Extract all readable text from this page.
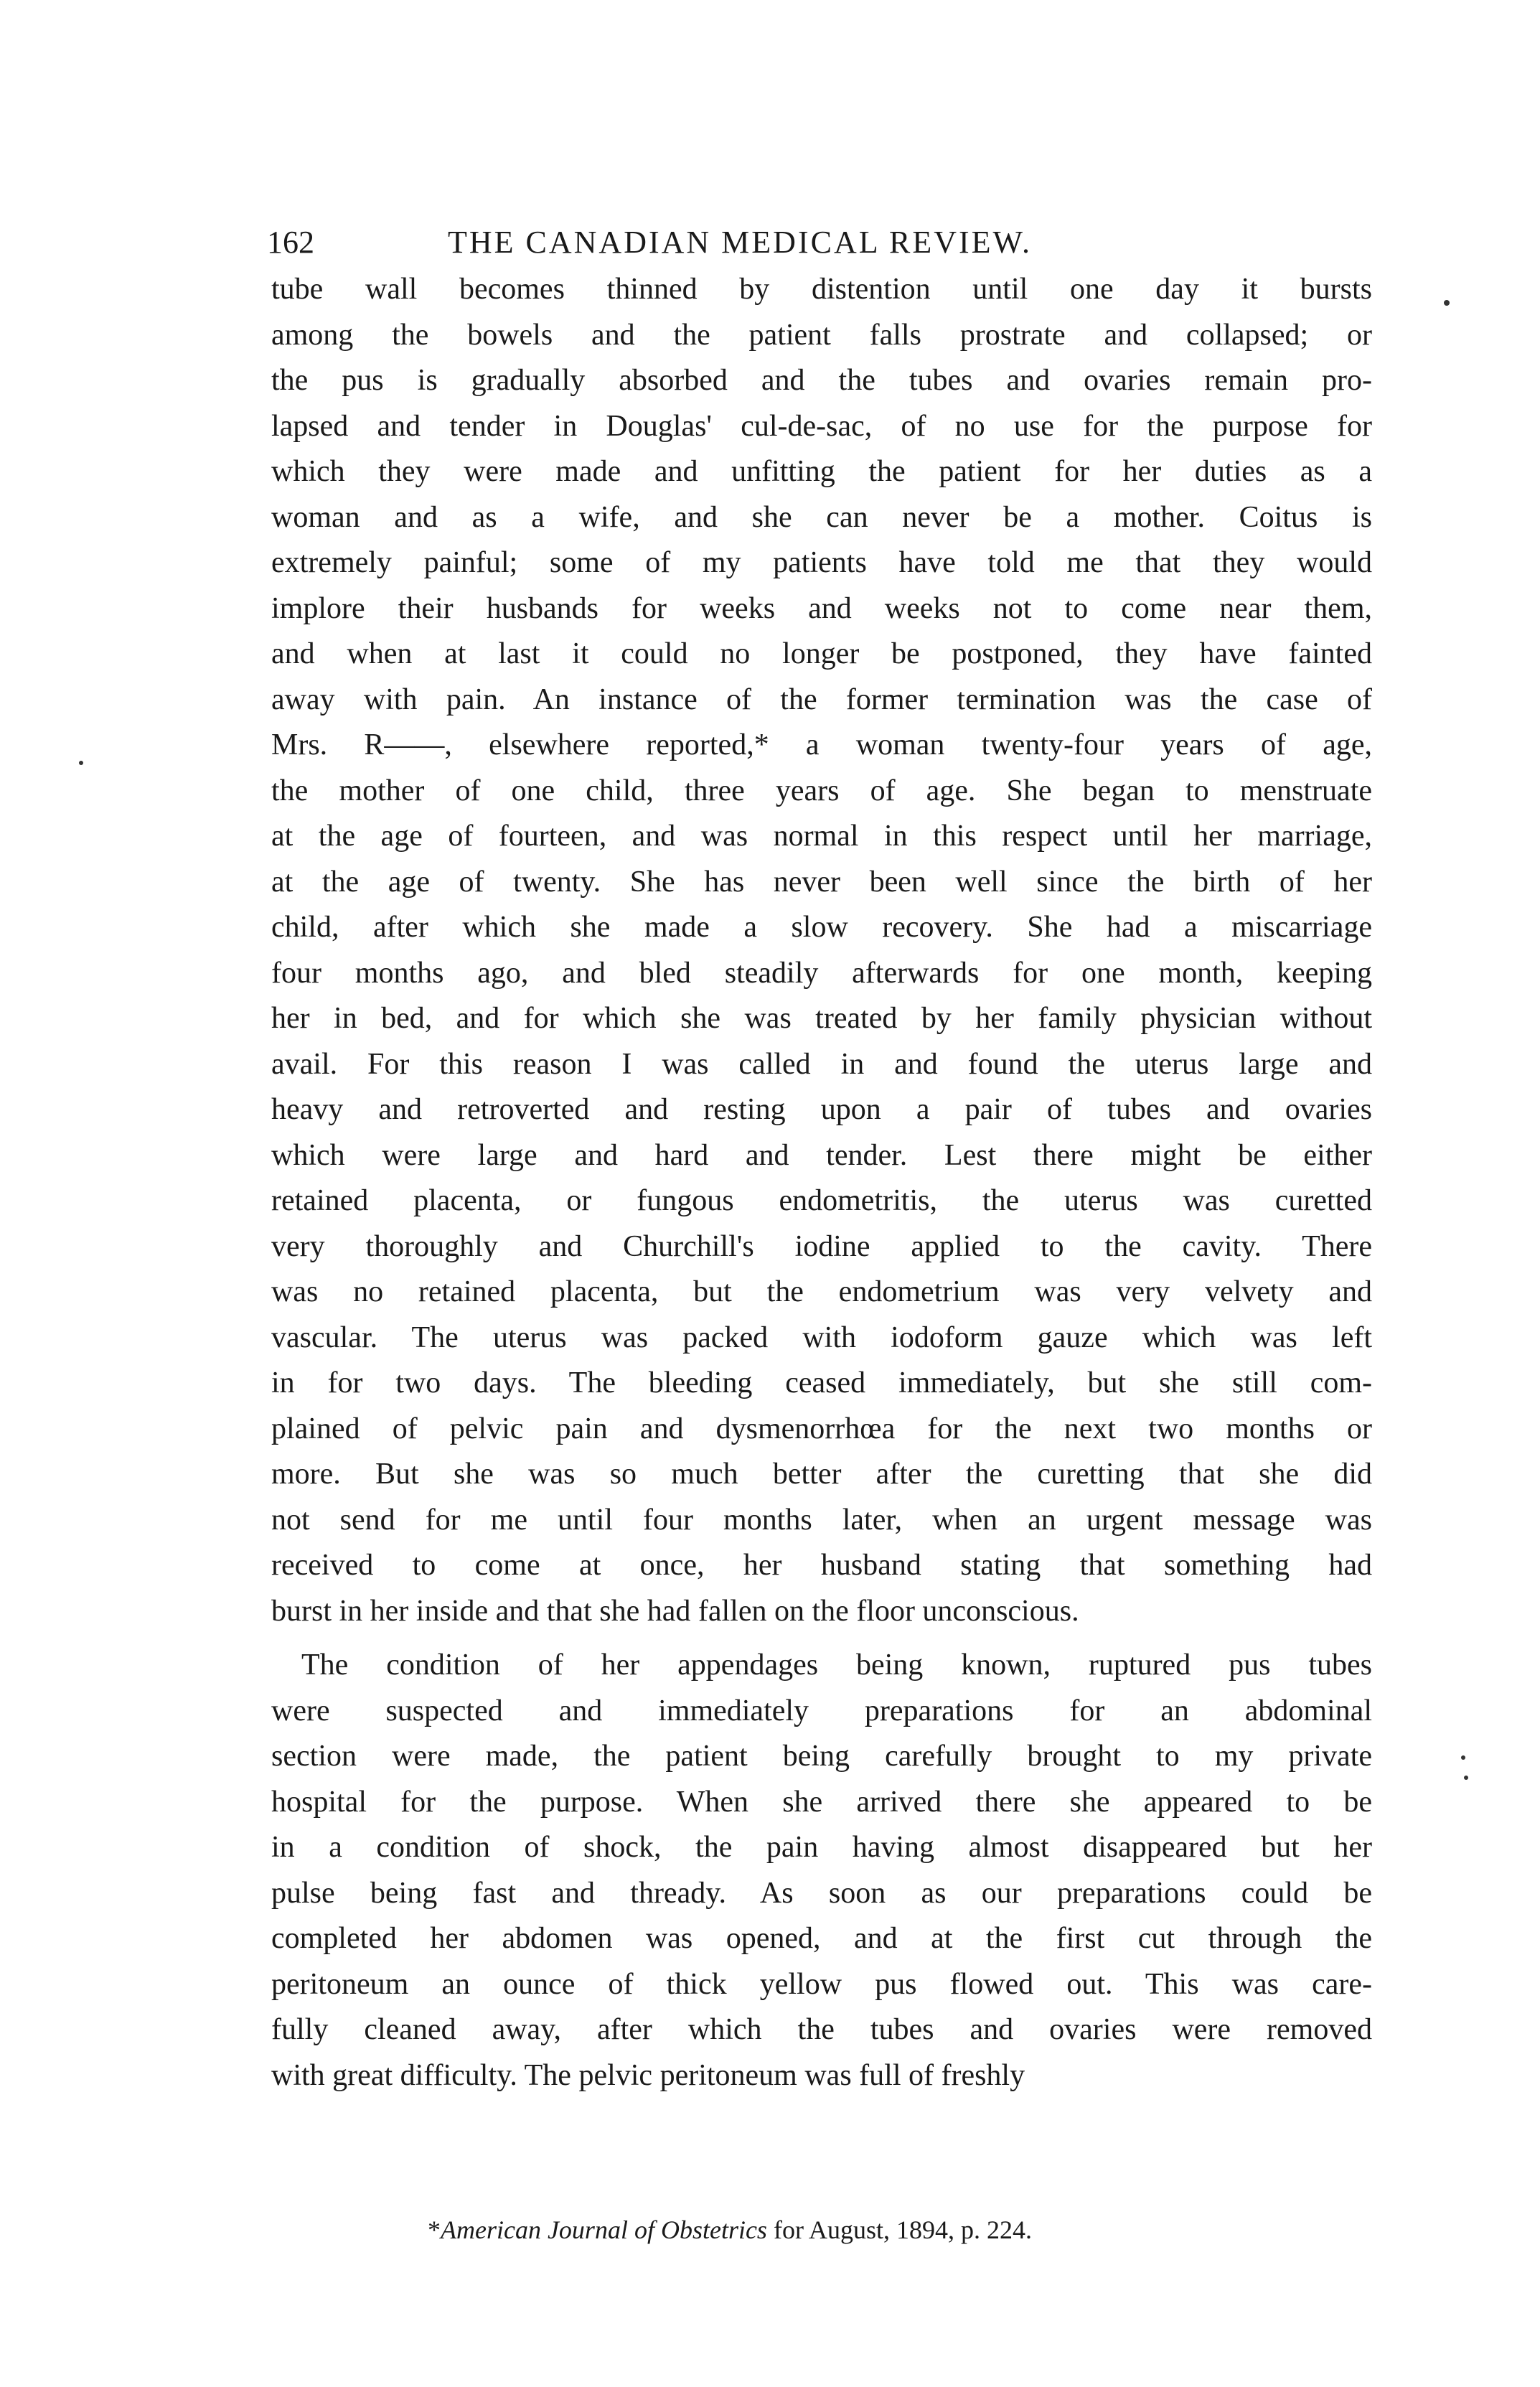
162	THE CANADIAN MEDICAL REVIEW.

tube wall becomes thinned by distention until one day it bursts
among the bowels and the patient falls prostrate and collapsed; or
the pus is gradually absorbed and the tubes and ovaries remain pro-
lapsed and tender in Douglas' cul-de-sac, of no use for the purpose for
which they were made and unfitting the patient for her duties as a
woman and as a wife, and she can never be a mother. Coitus is
extremely painful; some of my patients have told me that they would
implore their husbands for weeks and weeks not to come near them,
and when at last it could no longer be postponed, they have fainted
away with pain. An instance of the former termination was the case of
Mrs. R——, elsewhere reported,* a woman twenty-four years of age,
the mother of one child, three years of age. She began to menstruate
at the age of fourteen, and was normal in this respect until her marriage,
at the age of twenty. She has never been well since the birth of her
child, after which she made a slow recovery. She had a miscarriage
four months ago, and bled steadily afterwards for one month, keeping
her in bed, and for which she was treated by her family physician without
avail. For this reason I was called in and found the uterus large and
heavy and retroverted and resting upon a pair of tubes and ovaries
which were large and hard and tender. Lest there might be either
retained placenta, or fungous endometritis, the uterus was curetted
very thoroughly and Churchill's iodine applied to the cavity. There
was no retained placenta, but the endometrium was very velvety and
vascular. The uterus was packed with iodoform gauze which was left
in for two days. The bleeding ceased immediately, but she still com-
plained of pelvic pain and dysmenorrhœa for the next two months or
more. But she was so much better after the curetting that she did
not send for me until four months later, when an urgent message was
received to come at once, her husband stating that something had
burst in her inside and that she had fallen on the floor unconscious.

The condition of her appendages being known, ruptured pus tubes
were suspected and immediately preparations for an abdominal
section were made, the patient being carefully brought to my private
hospital for the purpose. When she arrived there she appeared to be
in a condition of shock, the pain having almost disappeared but her
pulse being fast and thready. As soon as our preparations could be
completed her abdomen was opened, and at the first cut through the
peritoneum an ounce of thick yellow pus flowed out. This was care-
fully cleaned away, after which the tubes and ovaries were removed
with great difficulty. The pelvic peritoneum was full of freshly

*American Journal of Obstetrics for August, 1894, p. 224.
